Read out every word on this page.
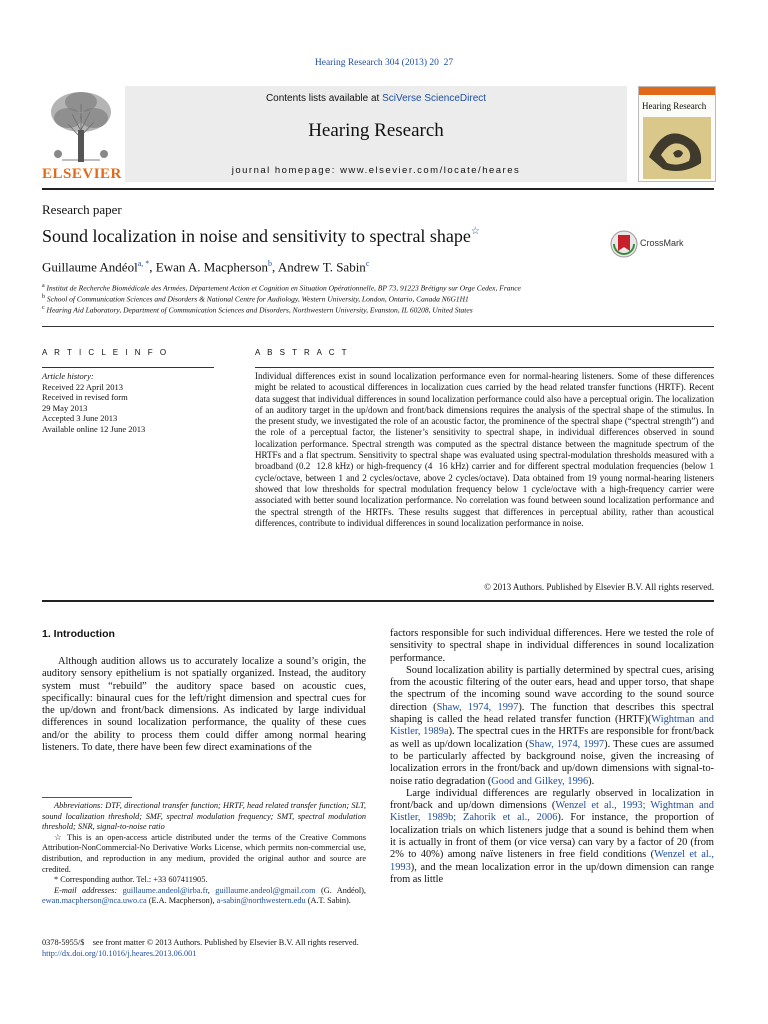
Hearing Research 304 (2013) 20  27
ELSEVIER
Contents lists available at SciVerse ScienceDirect
Hearing Research
journal homepage: www.elsevier.com/locate/heares
Hearing Research
Research paper
Sound localization in noise and sensitivity to spectral shape☆
CrossMark
Guillaume Andéol$^{a, *}$, Ewan A. Macpherson$^b$, Andrew T. Sabin$^c$
$^a$ Institut de Recherche Biomédicale des Armées, Département Action et Cognition en Situation Opérationnelle, BP 73, 91223 Brétigny sur Orge Cedex, France
$^b$ School of Communication Sciences and Disorders & National Centre for Audiology, Western University, London, Ontario, Canada N6G1H1
$^c$ Hearing Aid Laboratory, Department of Communication Sciences and Disorders, Northwestern University, Evanston, IL 60208, United States
A R T I C L E I N F O	A B S T R A C T
Article history:
Received 22 April 2013
Received in revised form
29 May 2013
Accepted 3 June 2013
Available online 12 June 2013
Individual differences exist in sound localization performance even for normal-hearing listeners. Some of these differences might be related to acoustical differences in localization cues carried by the head related transfer functions (HRTF). Recent data suggest that individual differences in sound localization performance could also have a perceptual origin. The localization of an auditory target in the up/down and front/back dimensions requires the analysis of the spectral shape of the stimulus. In the present study, we investigated the role of an acoustic factor, the prominence of the spectral shape (“spectral strength”) and the role of a perceptual factor, the listener’s sensitivity to spectral shape, in individual differences observed in sound localization performance. Spectral strength was computed as the spectral distance between the magnitude spectrum of the HRTFs and a flat spectrum. Sensitivity to spectral shape was evaluated using spectral-modulation thresholds measured with a broadband (0.2  12.8 kHz) or high-frequency (4  16 kHz) carrier and for different spectral modulation frequencies (below 1 cycle/octave, between 1 and 2 cycles/octave, above 2 cycles/octave). Data obtained from 19 young normal-hearing listeners showed that low thresholds for spectral modulation frequency below 1 cycle/octave with a high-frequency carrier were associated with better sound localization performance. No correlation was found between sound localization performance and the spectral strength of the HRTFs. These results suggest that differences in perceptual ability, rather than acoustical differences, contribute to individual differences in sound localization performance in noise.
© 2013 Authors. Published by Elsevier B.V. All rights reserved.
1. Introduction

Although audition allows us to accurately localize a sound’s origin, the auditory sensory epithelium is not spatially organized. Instead, the auditory system must “rebuild” the auditory space based on acoustic cues, specifically: binaural cues for the left/right dimension and spectral cues for the up/down and front/back dimensions. As indicated by large individual differences in sound localization performance, the quality of these cues and/or the ability to process them could differ among normal hearing listeners. To date, there have been few direct examinations of the

Abbreviations: DTF, directional transfer function; HRTF, head related transfer function; SLT, sound localization threshold; SMF, spectral modulation frequency; SMT, spectral modulation threshold; SNR, signal-to-noise ratio

☆ This is an open-access article distributed under the terms of the Creative Commons Attribution-NonCommercial-No Derivative Works License, which permits non-commercial use, distribution, and reproduction in any medium, provided the original author and source are credited.

* Corresponding author. Tel.: +33 607411905.

E-mail addresses: guillaume.andeol@irba.fr, guillaume.andeol@gmail.com (G. Andéol), ewan.macpherson@nca.uwo.ca (E.A. Macpherson), a-sabin@northwestern.edu (A.T. Sabin).

factors responsible for such individual differences. Here we tested the role of sensitivity to spectral shape in individual differences in sound localization performance.

Sound localization ability is partially determined by spectral cues, arising from the acoustic filtering of the outer ears, head and upper torso, that shape the spectrum of the incoming sound wave according to the sound source direction (Shaw, 1974, 1997). The function that describes this spectral shaping is called the head related transfer function (HRTF)(Wightman and Kistler, 1989a). The spectral cues in the HRTFs are responsible for front/back as well as up/down localization (Shaw, 1974, 1997). These cues are assumed to be particularly affected by background noise, given the increasing of localization errors in the front/back and up/down dimensions with signal-to-noise ratio degradation (Good and Gilkey, 1996).

Large individual differences are regularly observed in localization in front/back and up/down dimensions (Wenzel et al., 1993; Wightman and Kistler, 1989b; Zahorik et al., 2006). For instance, the proportion of localization trials on which listeners judge that a sound is behind them when it is actually in front of them (or vice versa) can vary by a factor of 20 (from 2% to 40%) among naïve listeners in free field conditions (Wenzel et al., 1993), and the mean localization error in the up/down dimension can range from as little

0378-5955/$    see front matter © 2013 Authors. Published by Elsevier B.V. All rights reserved.
http://dx.doi.org/10.1016/j.heares.2013.06.001
